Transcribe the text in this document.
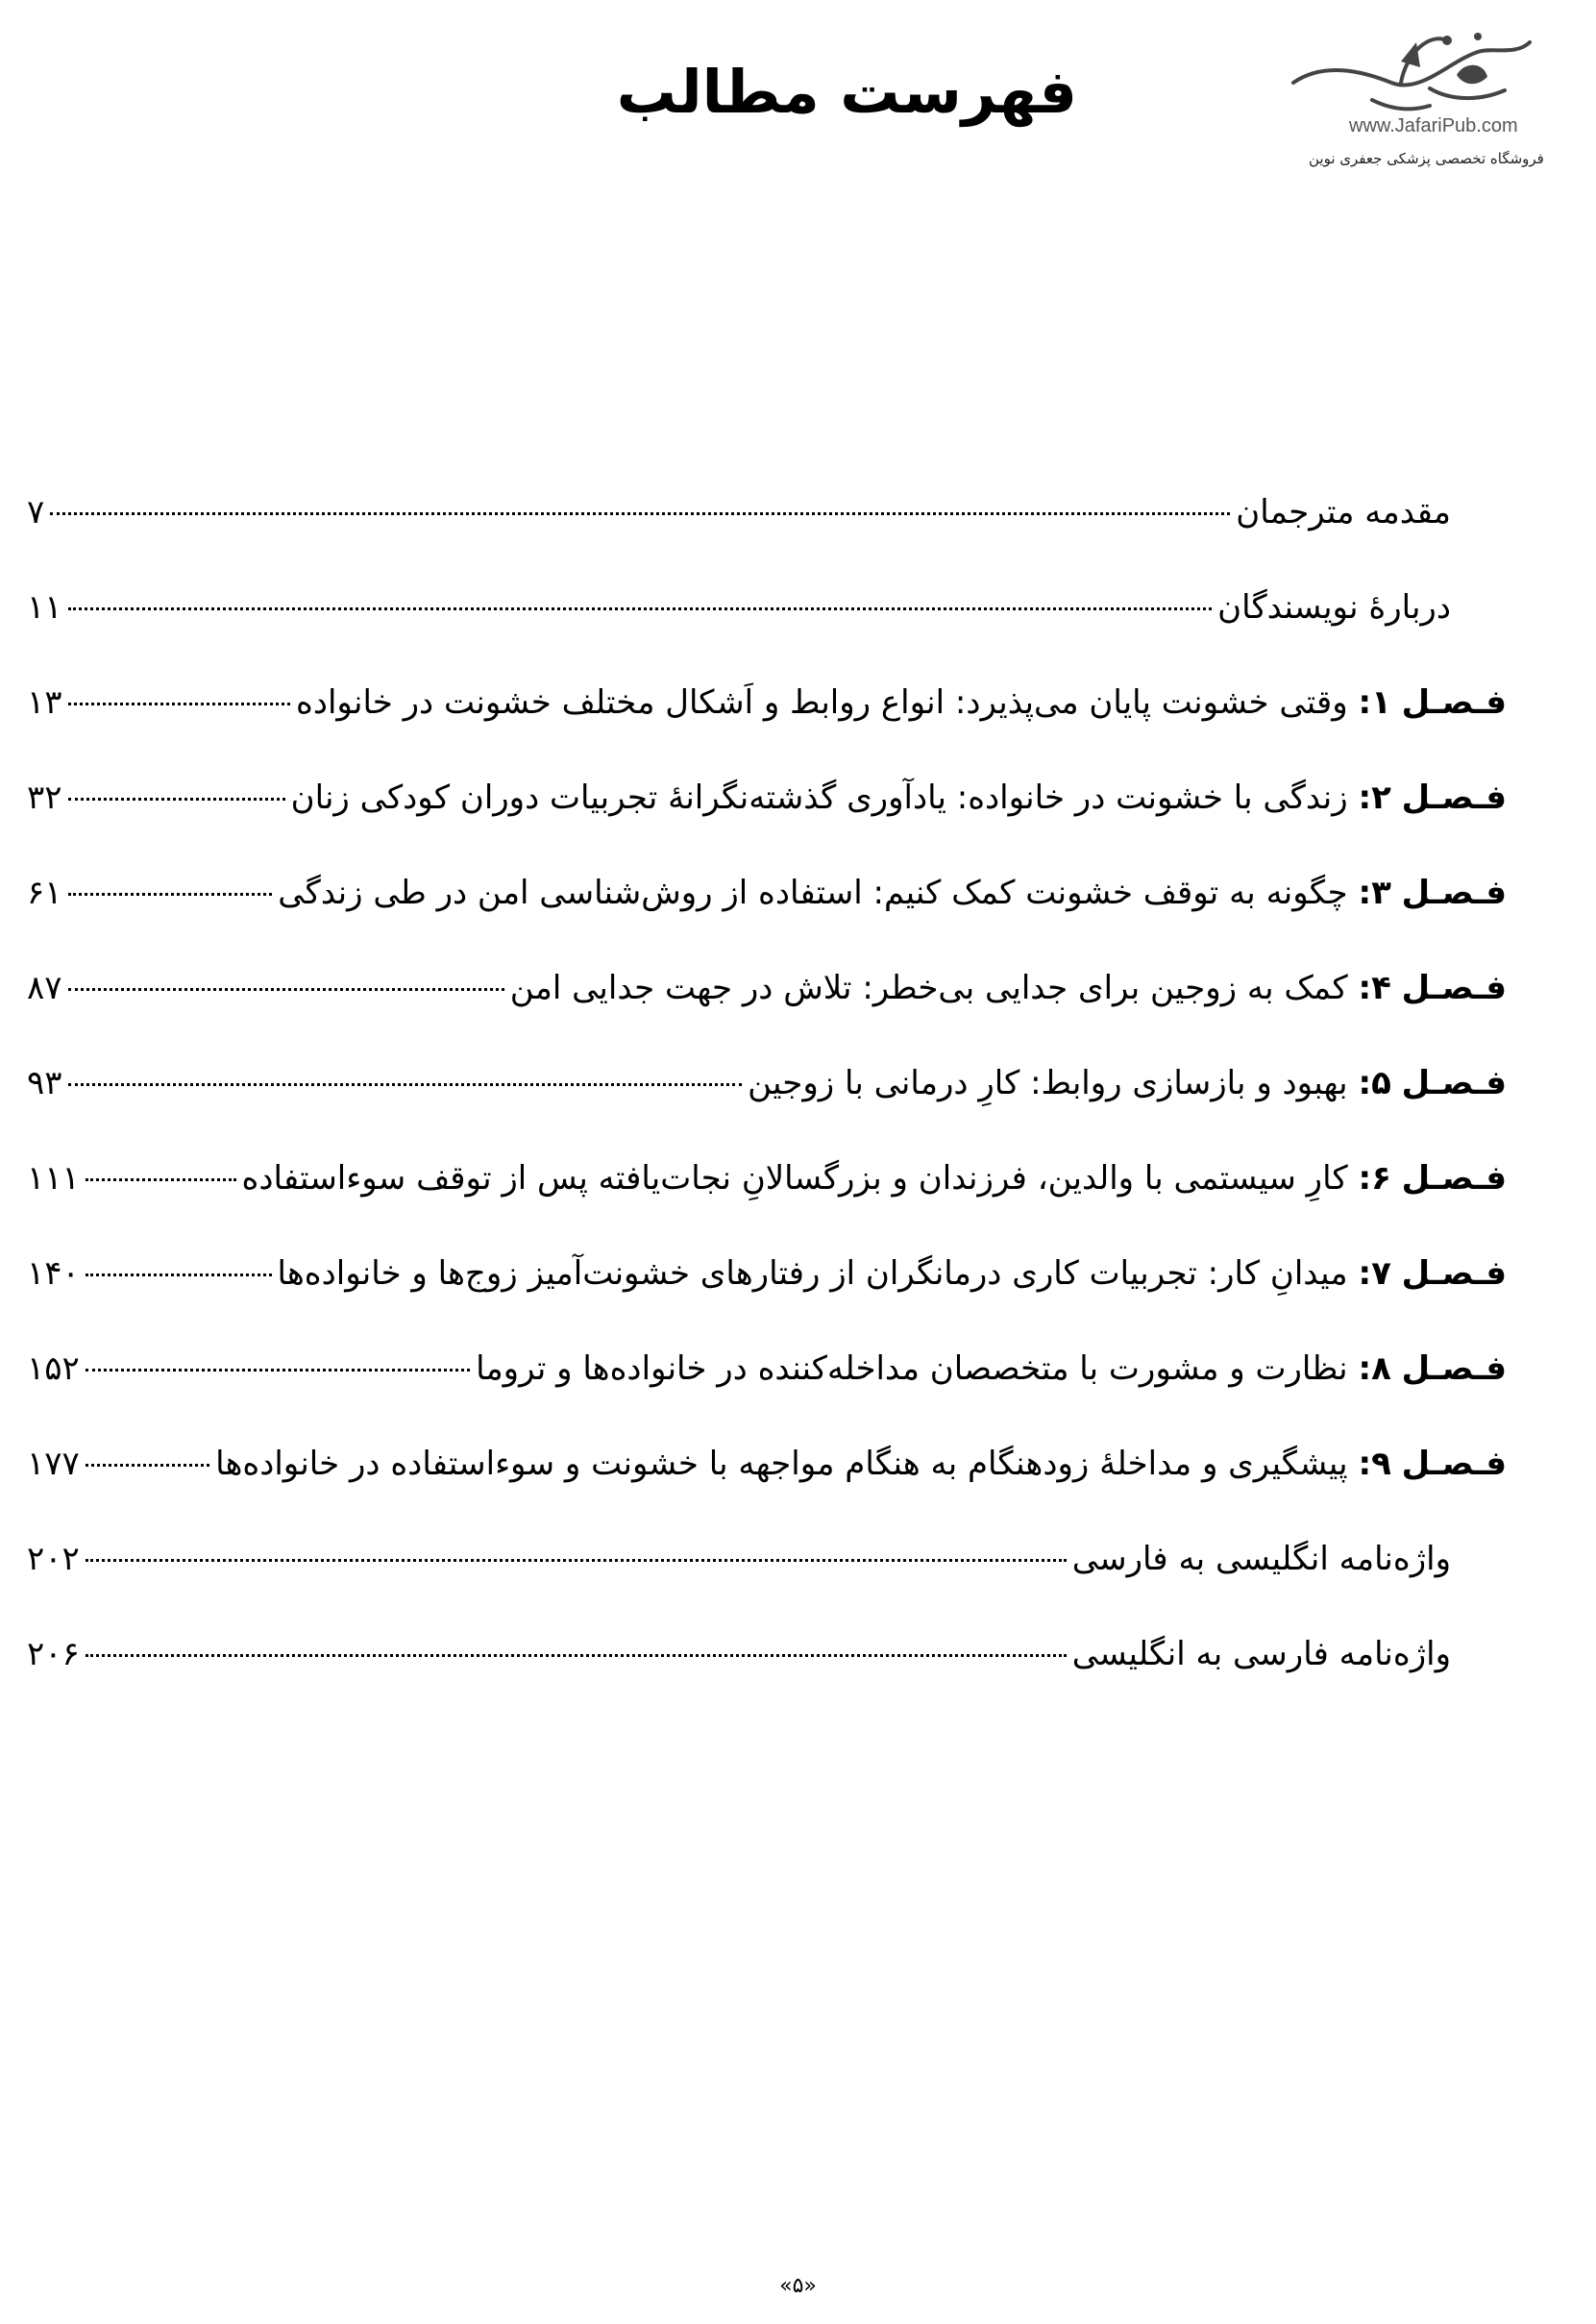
فهرست مطالب	www.JafariPub.com
فروشگاه تخصصی پزشکی جعفری نوین
مقدمه مترجمان
۷
دربارۀ نویسندگان
۱۱
فـصـل ۱: وقتی خشونت پایان می‌پذیرد: انواع روابط و اَشکال مختلف خشونت در خانواده
۱۳
فـصـل ۲: زندگی با خشونت در خانواده: یادآوری گذشته‌نگرانۀ تجربیات دوران کودکی زنان
۳۲
فـصـل ۳: چگونه به توقف خشونت کمک کنیم: استفاده از روش‌شناسی امن در طی زندگی
۶۱
فـصـل ۴: کمک به زوجین برای جدایی بی‌خطر: تلاش در جهت جدایی امن
۸۷
فـصـل ۵: بهبود و بازسازی روابط: کارِ درمانی با زوجین
۹۳
فـصـل ۶: کارِ سیستمی با والدین، فرزندان و بزرگسالانِ نجات‌یافته پس از توقف سوءاستفاده
۱۱۱
فـصـل ۷: میدانِ کار: تجربیات کاری درمانگران از رفتارهای خشونت‌آمیز زوج‌ها و خانواده‌ها
۱۴۰
فـصـل ۸: نظارت و مشورت با متخصصان مداخله‌کننده در خانواده‌ها و تروما
۱۵۲
فـصـل ۹: پیشگیری و مداخلۀ زودهنگام به هنگام مواجهه با خشونت و سوءاستفاده در خانواده‌ها
۱۷۷
واژه‌نامه انگلیسی به فارسی
۲۰۲
واژه‌نامه فارسی به انگلیسی
۲۰۶
«۵»
